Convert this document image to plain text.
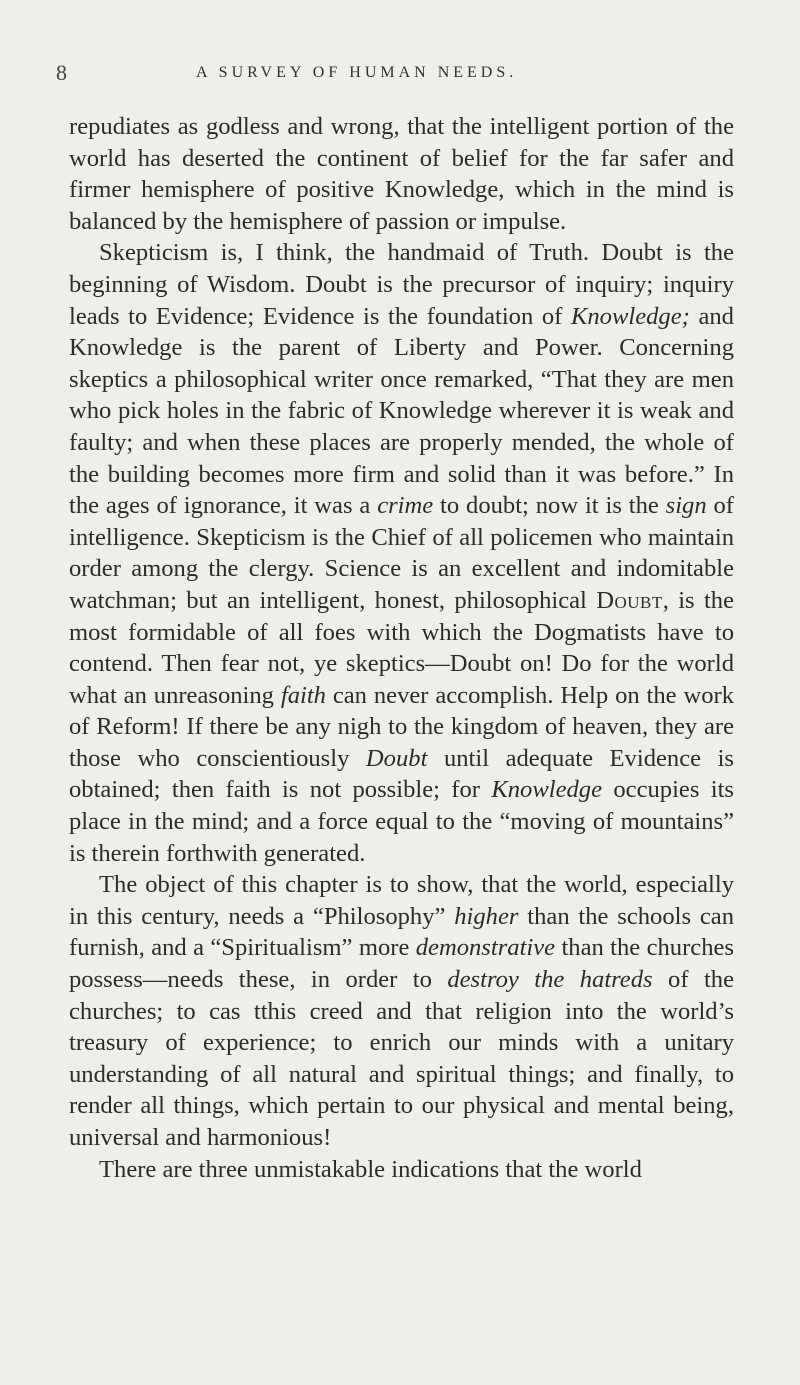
8	A SURVEY OF HUMAN NEEDS.

repudiates as godless and wrong, that the intelligent portion of the world has deserted the continent of belief for the far safer and firmer hemisphere of positive Knowledge, which in the mind is balanced by the hemisphere of passion or impulse.

Skepticism is, I think, the handmaid of Truth. Doubt is the beginning of Wisdom. Doubt is the precursor of inquiry; inquiry leads to Evidence; Evidence is the foundation of Knowledge; and Knowledge is the parent of Liberty and Power. Concerning skeptics a philosophical writer once remarked, “That they are men who pick holes in the fabric of Knowledge wherever it is weak and faulty; and when these places are properly mended, the whole of the building becomes more firm and solid than it was before.” In the ages of ignorance, it was a crime to doubt; now it is the sign of intelligence. Skepticism is the Chief of all policemen who maintain order among the clergy. Science is an excellent and indomitable watchman; but an intelligent, honest, philosophical Doubt, is the most formidable of all foes with which the Dogmatists have to contend. Then fear not, ye skeptics—Doubt on! Do for the world what an unreasoning faith can never accomplish. Help on the work of Reform! If there be any nigh to the kingdom of heaven, they are those who conscientiously Doubt until adequate Evidence is obtained; then faith is not possible; for Knowledge occupies its place in the mind; and a force equal to the “moving of mountains” is therein forthwith generated.

The object of this chapter is to show, that the world, especially in this century, needs a “Philosophy” higher than the schools can furnish, and a “Spiritualism” more demonstrative than the churches possess—needs these, in order to destroy the hatreds of the churches; to cas tthis creed and that religion into the world’s treasury of experience; to enrich our minds with a unitary understanding of all natural and spiritual things; and finally, to render all things, which pertain to our physical and mental being, universal and harmonious!

There are three unmistakable indications that the world
